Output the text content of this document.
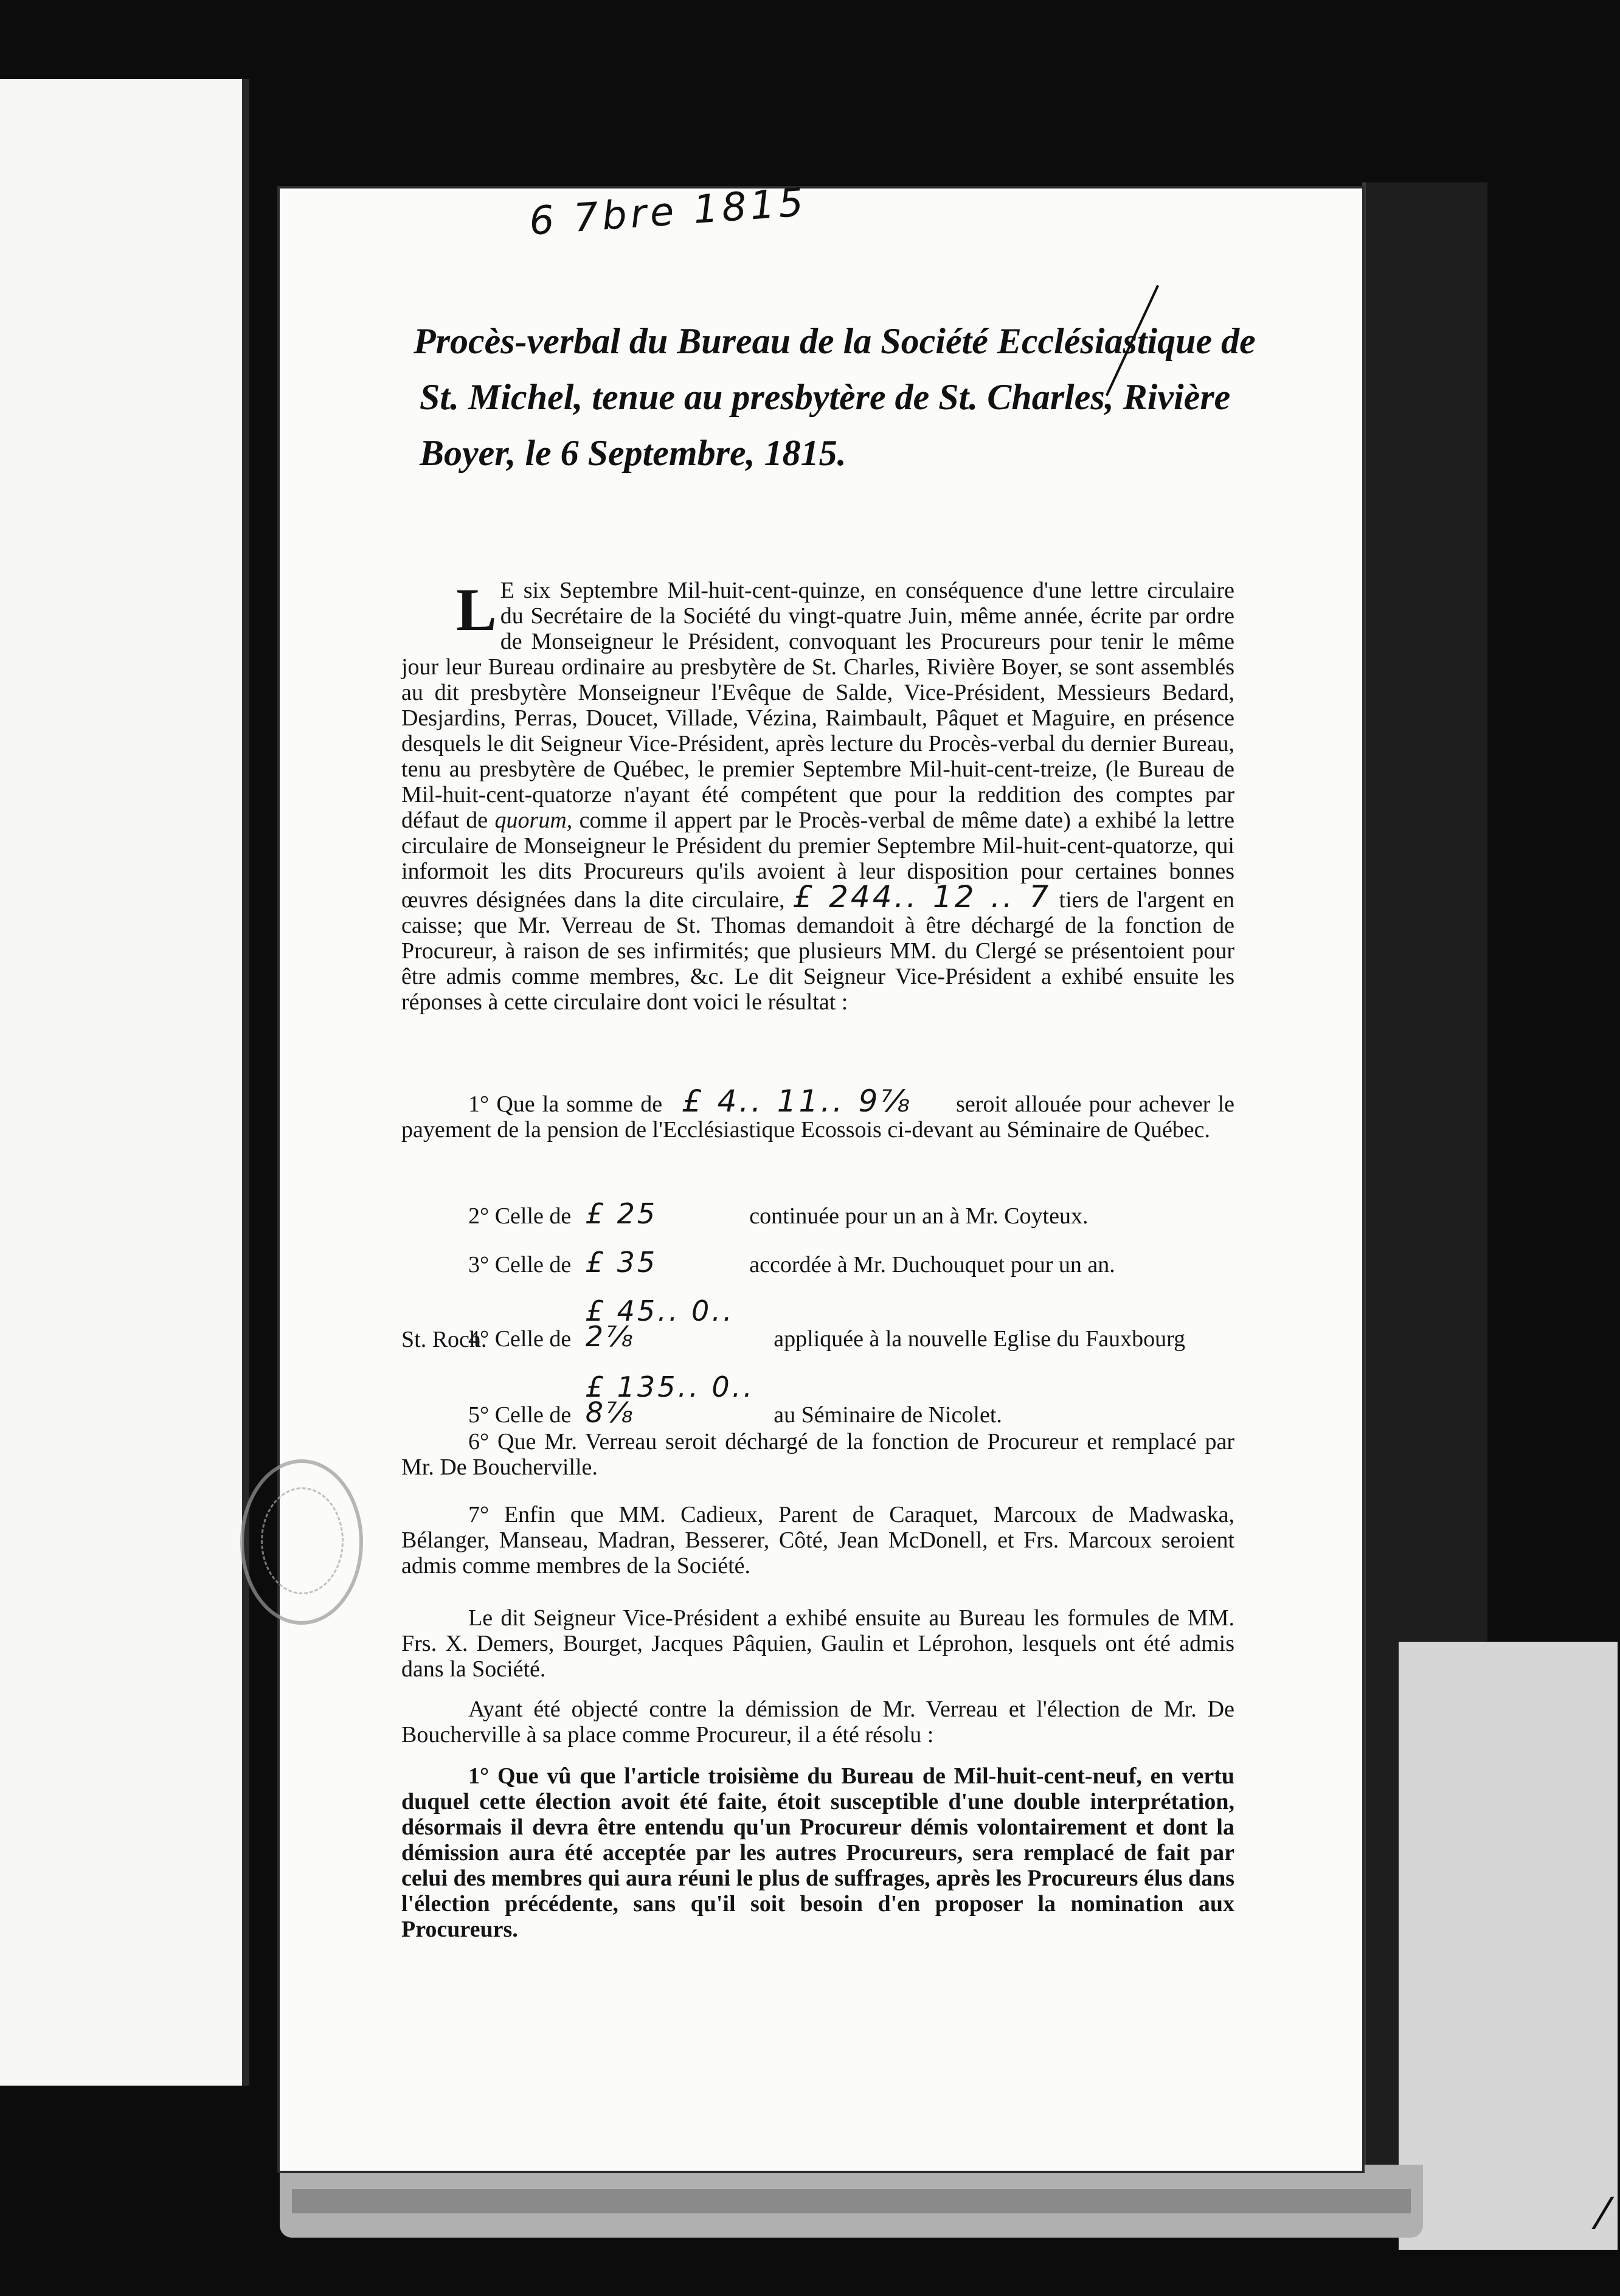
6 7bre 1815
Procès-verbal du Bureau de la Société Ecclésiastique de St. Michel, tenue au presbytère de St. Charles, Rivière Boyer, le 6 Septembre, 1815.

L E six Septembre Mil-huit-cent-quinze, en conséquence d'une lettre circulaire du Secrétaire de la Société du vingt-quatre Juin, même année, écrite par ordre de Monseigneur le Président, convoquant les Procureurs pour tenir le même jour leur Bureau ordinaire au presbytère de St. Charles, Rivière Boyer, se sont assemblés au dit presbytère Monseigneur l'Evêque de Salde, Vice-Président, Messieurs Bedard, Desjardins, Perras, Doucet, Villade, Vézina, Raimbault, Pâquet et Maguire, en présence desquels le dit Seigneur Vice-Président, après lecture du Procès-verbal du dernier Bureau, tenu au presbytère de Québec, le premier Septembre Mil-huit-cent-treize, (le Bureau de Mil-huit-cent-quatorze n'ayant été compétent que pour la reddition des comptes par défaut de quorum, comme il appert par le Procès-verbal de même date) a exhibé la lettre circulaire de Monseigneur le Président du premier Septembre Mil-huit-cent-quatorze, qui informoit les dits Procureurs qu'ils avoient à leur disposition pour certaines bonnes œuvres désignées dans la dite circulaire, £ 244.. 12 .. 7 tiers de l'argent en caisse; que Mr. Verreau de St. Thomas demandoit à être déchargé de la fonction de Procureur, à raison de ses infirmités; que plusieurs MM. du Clergé se présentoient pour être admis comme membres, &c. Le dit Seigneur Vice-Président a exhibé ensuite les réponses à cette circulaire dont voici le résultat :

1° Que la somme de £ 4.. 11.. 9⅞ seroit allouée pour achever le payement de la pension de l'Ecclésiastique Ecossois ci-devant au Séminaire de Québec.
2° Celle de £ 25	continuée pour un an à Mr. Coyteux.
3° Celle de £ 35	accordée à Mr. Duchouquet pour un an.
4° Celle de £ 45.. 0.. 2⅞	appliquée à la nouvelle Eglise du Fauxbourg
St. Roch.
5° Celle de £ 135.. 0.. 8⅞	au Séminaire de Nicolet.
6° Que Mr. Verreau seroit déchargé de la fonction de Procureur et remplacé par Mr. De Boucherville.
7° Enfin que MM. Cadieux, Parent de Caraquet, Marcoux de Madwaska, Bélanger, Manseau, Madran, Besserer, Côté, Jean McDonell, et Frs. Marcoux seroient admis comme membres de la Société.
Le dit Seigneur Vice-Président a exhibé ensuite au Bureau les formules de MM. Frs. X. Demers, Bourget, Jacques Pâquien, Gaulin et Léprohon, lesquels ont été admis dans la Société.
Ayant été objecté contre la démission de Mr. Verreau et l'élection de Mr. De Boucherville à sa place comme Procureur, il a été résolu :
1° Que vû que l'article troisième du Bureau de Mil-huit-cent-neuf, en vertu duquel cette élection avoit été faite, étoit susceptible d'une double interprétation, désormais il devra être entendu qu'un Procureur démis volontairement et dont la démission aura été acceptée par les autres Procureurs, sera remplacé de fait par celui des membres qui aura réuni le plus de suffrages, après les Procureurs élus dans l'élection précédente, sans qu'il soit besoin d'en proposer la nomination aux Procureurs.
⁄
